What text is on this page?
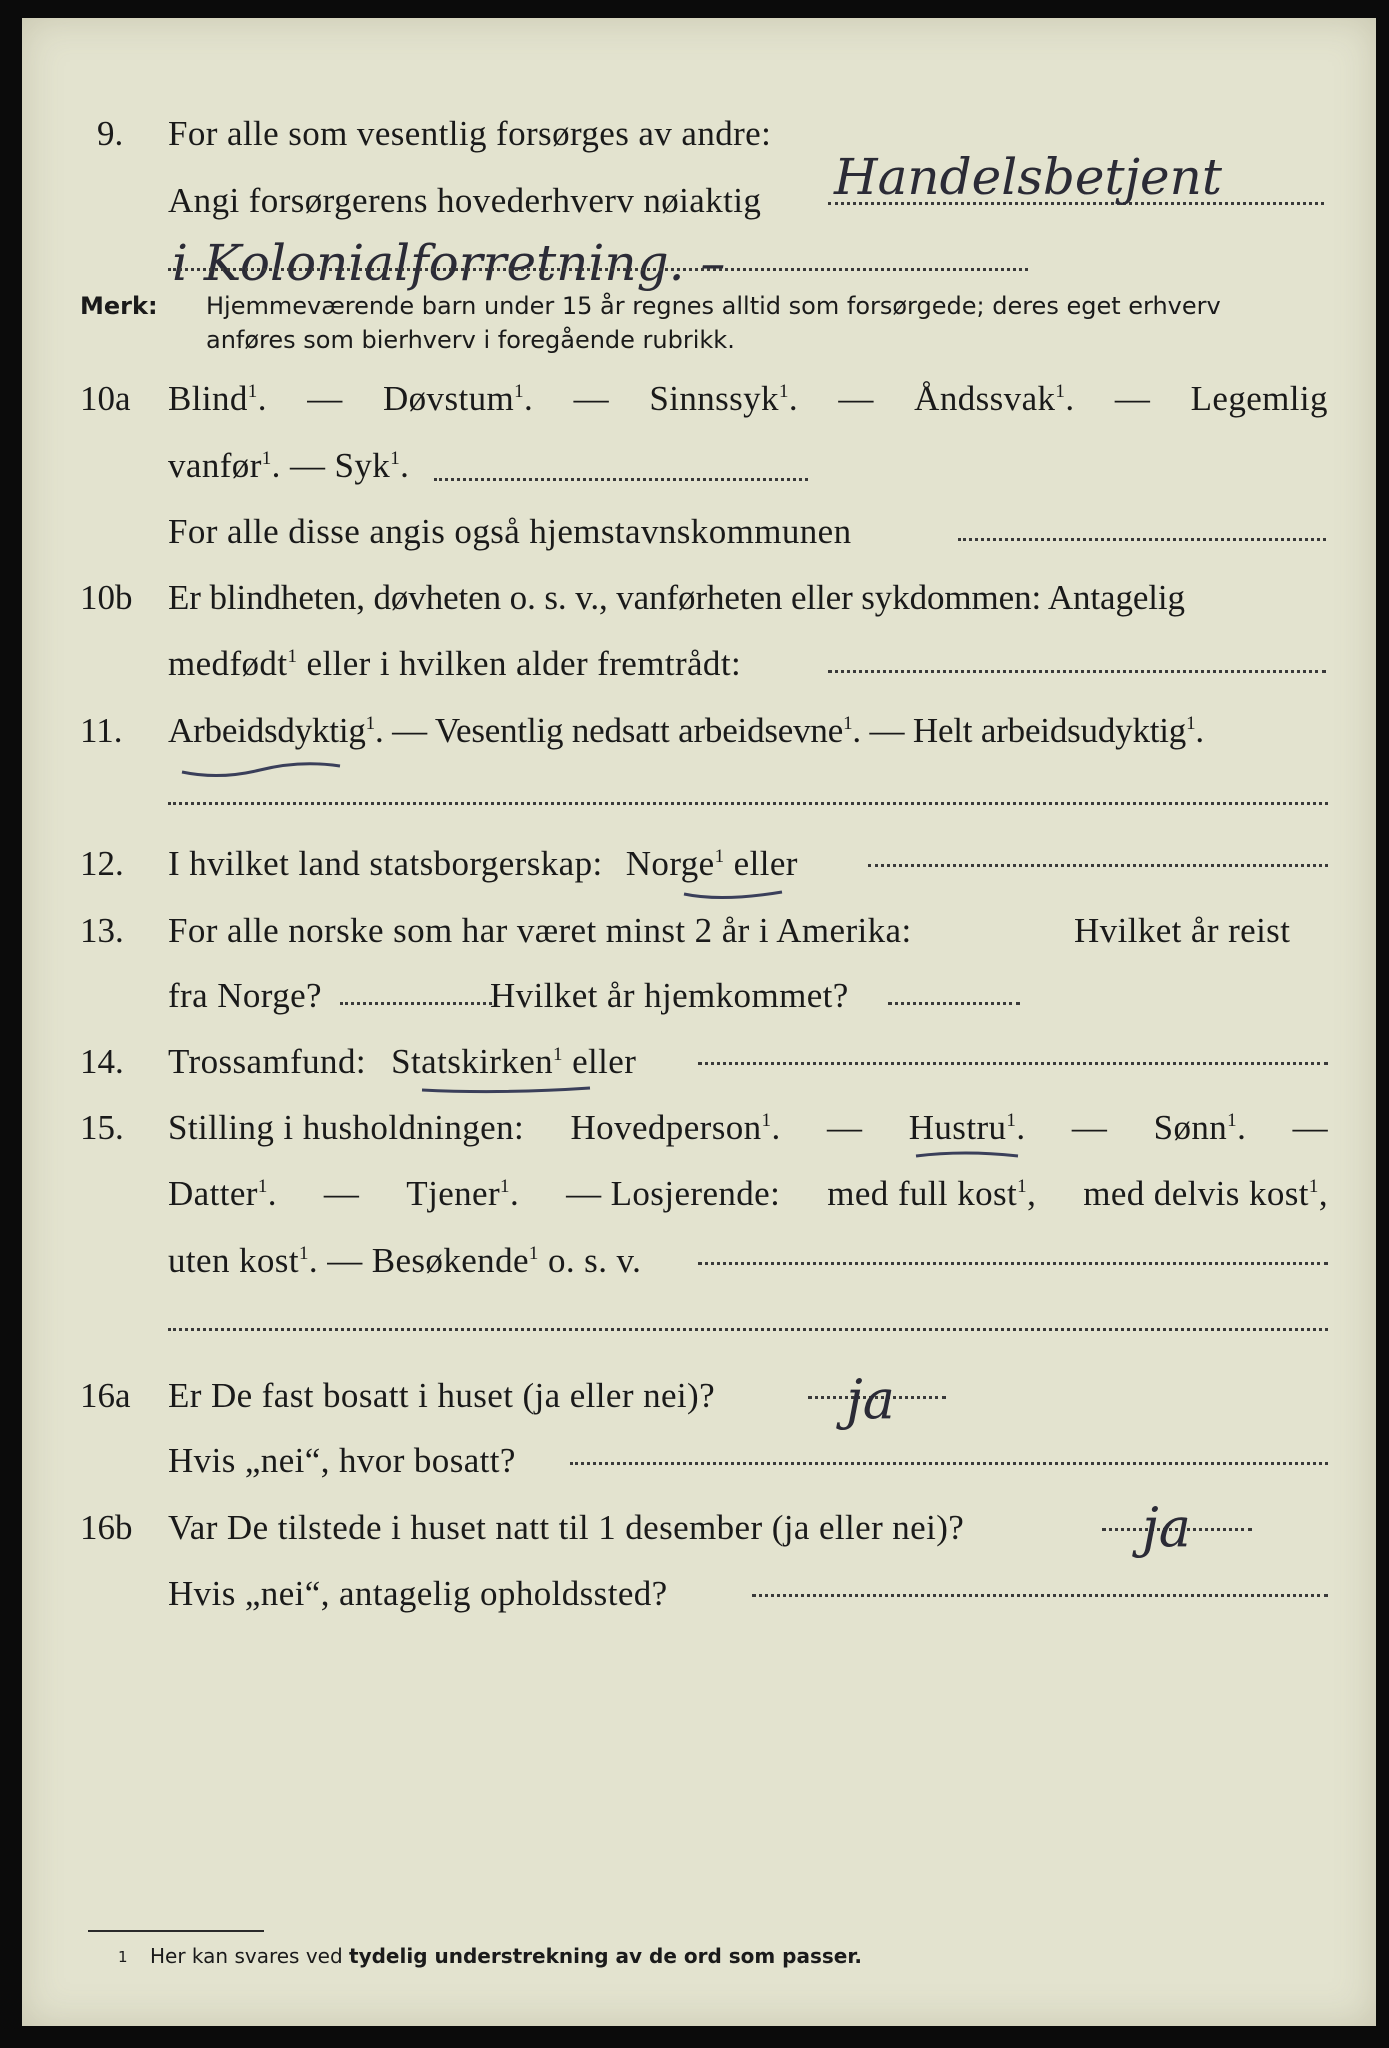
9. For alle som vesentlig forsørges av andre:
Angi forsørgerens hovederhverv nøiaktig Handelsbetjent
i Kolonialforretning. –
Merk: Hjemmeværende barn under 15 år regnes alltid som forsørgede; deres eget erhverv
anføres som bierhverv i foregående rubrikk.
10a Blind$^1$. — Døvstum$^1$. — Sinnssyk$^1$. — Åndssvak$^1$. — Legemlig
vanfør$^1$. — Syk$^1$.
For alle disse angis også hjemstavnskommunen
10b Er blindheten, døvheten o. s. v., vanførheten eller sykdommen: Antagelig
medfødt$^1$ eller i hvilken alder fremtrådt:
11. Arbeidsdyktig$^1$. — Vesentlig nedsatt arbeidsevne$^1$. — Helt arbeidsudyktig$^1$.
12. I hvilket land statsborgerskap: Norge$^1$ eller
13. For alle norske som har været minst 2 år i Amerika:	Hvilket år reist
fra Norge?	Hvilket år hjemkommet?
14. Trossamfund: Statskirken$^1$ eller
15. Stilling i husholdningen: Hovedperson$^1$. — Hustru$^1$. — Sønn$^1$. —
Datter$^1$. — Tjener$^1$. — Losjerende: med full kost$^1$, med delvis kost$^1$,
uten kost$^1$. — Besøkende$^1$ o. s. v.
16a Er De fast bosatt i huset (ja eller nei)? ja
Hvis „nei“, hvor bosatt?
16b Var De tilstede i huset natt til 1 desember (ja eller nei)?	ja
Hvis „nei“, antagelig opholdssted?
1 Her kan svares ved tydelig understrekning av de ord som passer.
